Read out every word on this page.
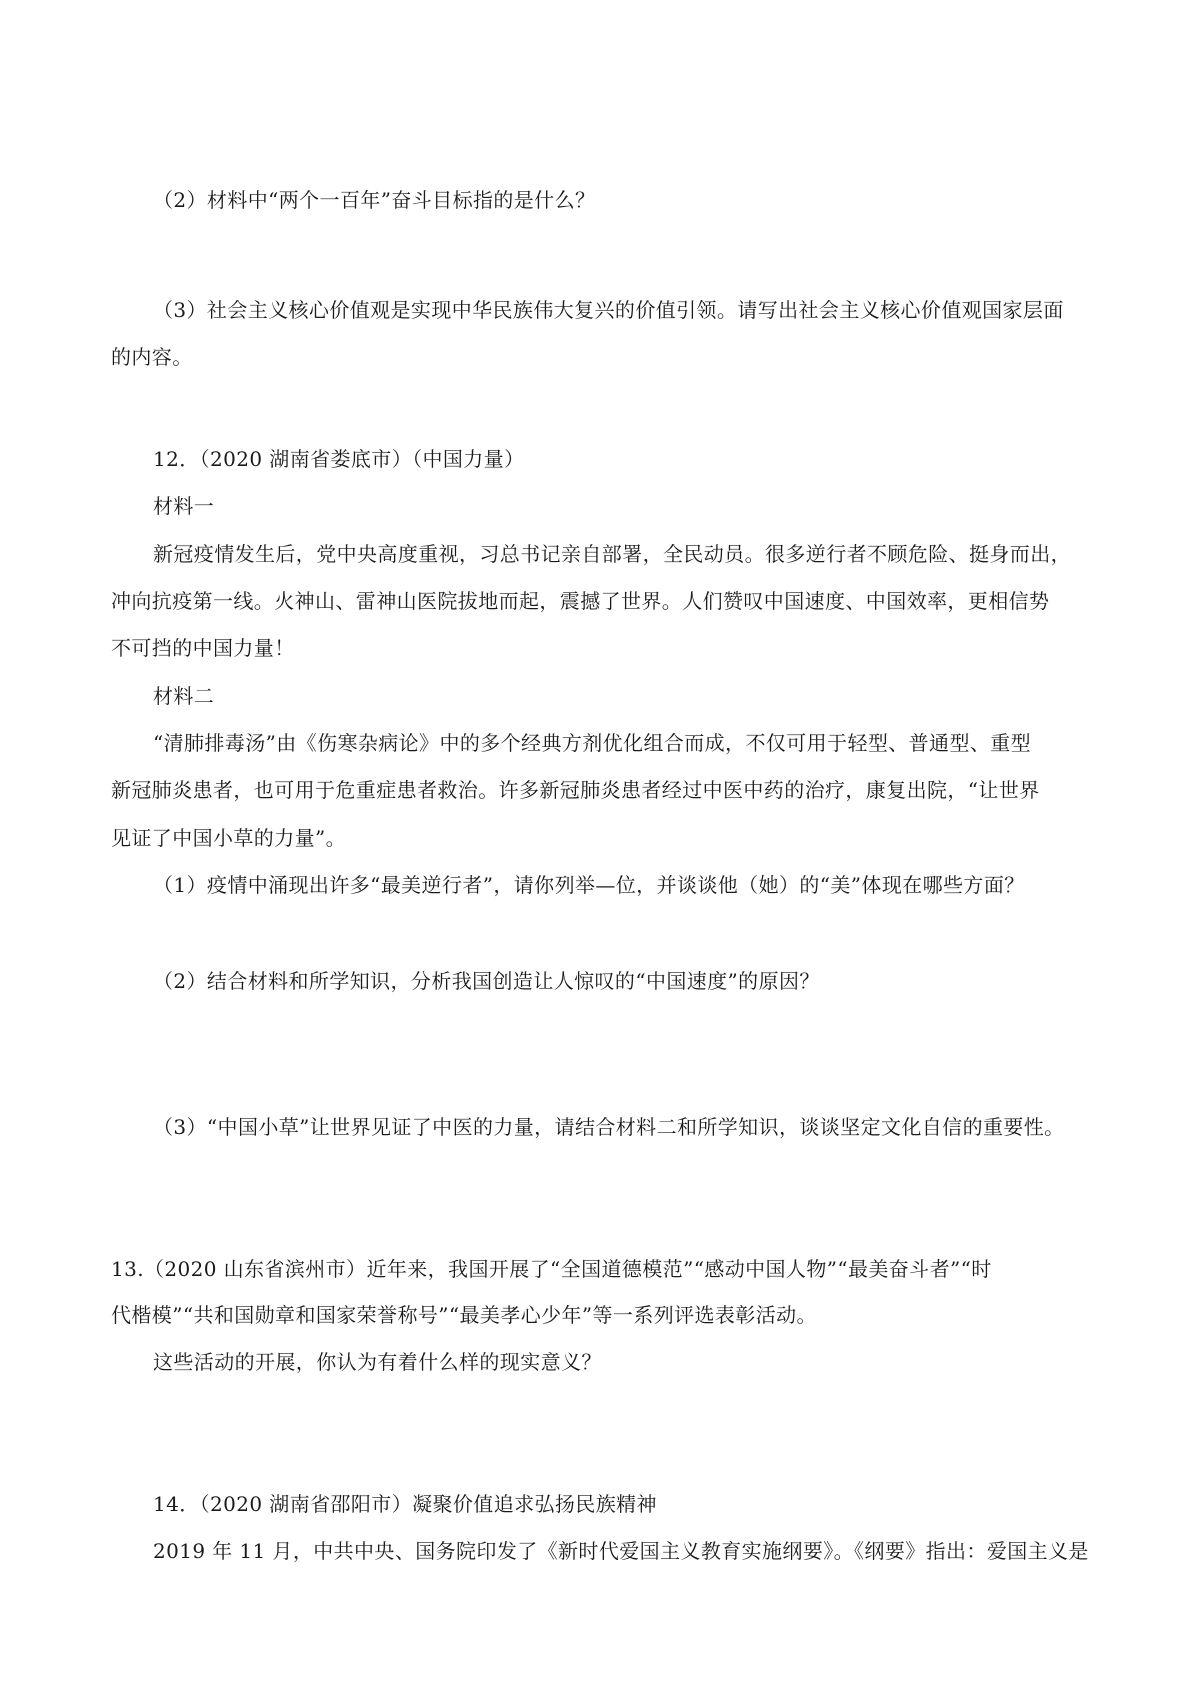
（2）材料中“两个一百年”奋斗目标指的是什么？
（3）社会主义核心价值观是实现中华民族伟大复兴的价值引领。请写出社会主义核心价值观国家层面
的内容。
12．（2020 湖南省娄底市）（中国力量）
材料一
新冠疫情发生后，党中央高度重视，习总书记亲自部署，全民动员。很多逆行者不顾危险、挺身而出，
冲向抗疫第一线。火神山、雷神山医院拔地而起，震撼了世界。人们赞叹中国速度、中国效率，更相信势
不可挡的中国力量！
材料二
“清肺排毒汤”由《伤寒杂病论》中的多个经典方剂优化组合而成，不仅可用于轻型、普通型、重型
新冠肺炎患者，也可用于危重症患者救治。许多新冠肺炎患者经过中医中药的治疗，康复出院，“让世界
见证了中国小草的力量”。
（1）疫情中涌现出许多“最美逆行者”，请你列举—位，并谈谈他（她）的“美”体现在哪些方面？
（2）结合材料和所学知识，分析我国创造让人惊叹的“中国速度”的原因？
（3）“中国小草”让世界见证了中医的力量，请结合材料二和所学知识，谈谈坚定文化自信的重要性。
13.（2020 山东省滨州市）近年来，我国开展了“全国道德模范”“感动中国人物”“最美奋斗者”“时
代楷模”“共和国勋章和国家荣誉称号”“最美孝心少年”等一系列评选表彰活动。
这些活动的开展，你认为有着什么样的现实意义？
14．（2020 湖南省邵阳市）凝聚价值追求弘扬民族精神
2019 年 11 月，中共中央、国务院印发了《新时代爱国主义教育实施纲要》。《纲要》指出：爱国主义是
